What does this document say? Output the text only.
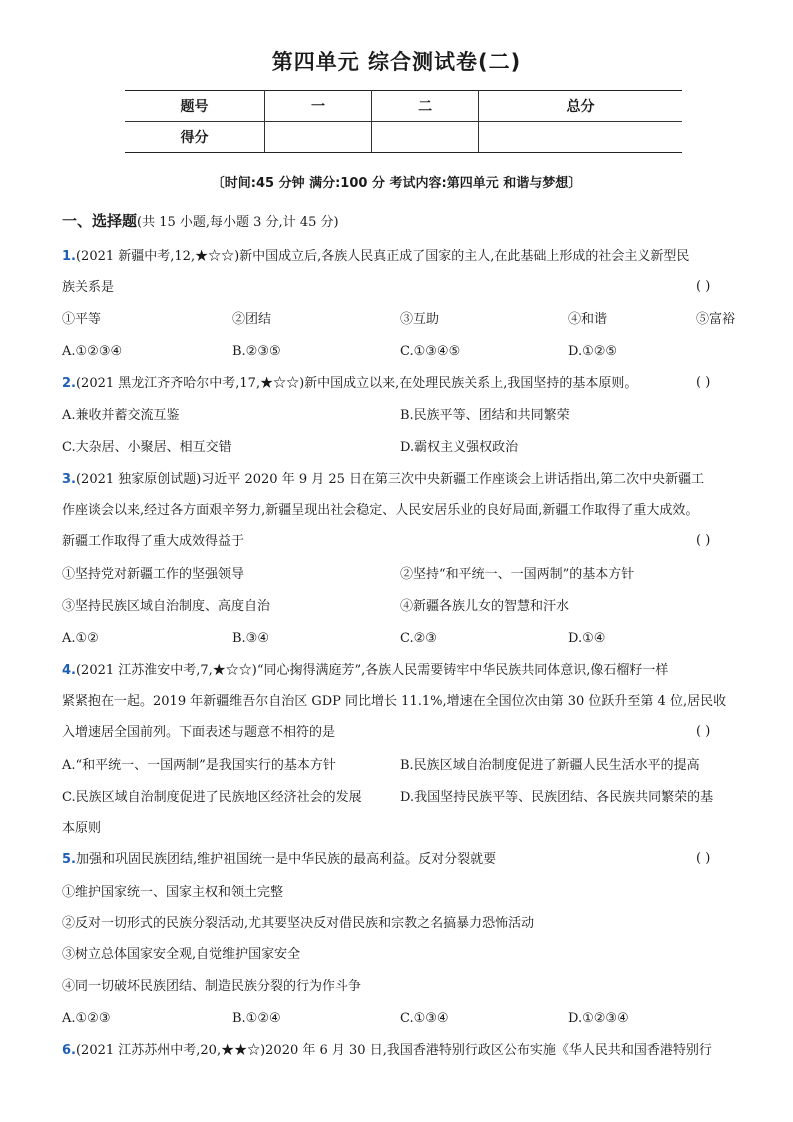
第四单元 综合测试卷(二)
题号	一	二	总分
得分			
〔时间:45 分钟 满分:100 分 考试内容:第四单元 和谐与梦想〕
一、选择题(共 15 小题,每小题 3 分,计 45 分)
1.(2021 新疆中考,12,★☆☆)新中国成立后,各族人民真正成了国家的主人,在此基础上形成的社会主义新型民
族关系是	( )
①平等	②团结	③互助	④和谐	⑤富裕
A.①②③④	B.②③⑤	C.①③④⑤	D.①②⑤
2.(2021 黑龙江齐齐哈尔中考,17,★☆☆)新中国成立以来,在处理民族关系上,我国坚持的基本原则。	( )
A.兼收并蓄交流互鉴	B.民族平等、团结和共同繁荣
C.大杂居、小聚居、相互交错	D.霸权主义强权政治
3.(2021 独家原创试题)习近平 2020 年 9 月 25 日在第三次中央新疆工作座谈会上讲话指出,第二次中央新疆工
作座谈会以来,经过各方面艰辛努力,新疆呈现出社会稳定、人民安居乐业的良好局面,新疆工作取得了重大成效。
新疆工作取得了重大成效得益于	( )
①坚持党对新疆工作的坚强领导	②坚持“和平统一、一国两制”的基本方针
③坚持民族区域自治制度、高度自治	④新疆各族儿女的智慧和汗水
A.①②	B.③④	C.②③	D.①④
4.(2021 江苏淮安中考,7,★☆☆)“同心掬得满庭芳”,各族人民需要铸牢中华民族共同体意识,像石榴籽一样
紧紧抱在一起。2019 年新疆维吾尔自治区 GDP 同比增长 11.1%,增速在全国位次由第 30 位跃升至第 4 位,居民收
入增速居全国前列。下面表述与题意不相符的是	( )
A.“和平统一、一国两制”是我国实行的基本方针	B.民族区域自治制度促进了新疆人民生活水平的提高
C.民族区域自治制度促进了民族地区经济社会的发展	D.我国坚持民族平等、民族团结、各民族共同繁荣的基
本原则
5.加强和巩固民族团结,维护祖国统一是中华民族的最高利益。反对分裂就要	( )
①维护国家统一、国家主权和领土完整
②反对一切形式的民族分裂活动,尤其要坚决反对借民族和宗教之名搞暴力恐怖活动
③树立总体国家安全观,自觉维护国家安全
④同一切破坏民族团结、制造民族分裂的行为作斗争
A.①②③	B.①②④	C.①③④	D.①②③④
6.(2021 江苏苏州中考,20,★★☆)2020 年 6 月 30 日,我国香港特别行政区公布实施《华人民共和国香港特别行
